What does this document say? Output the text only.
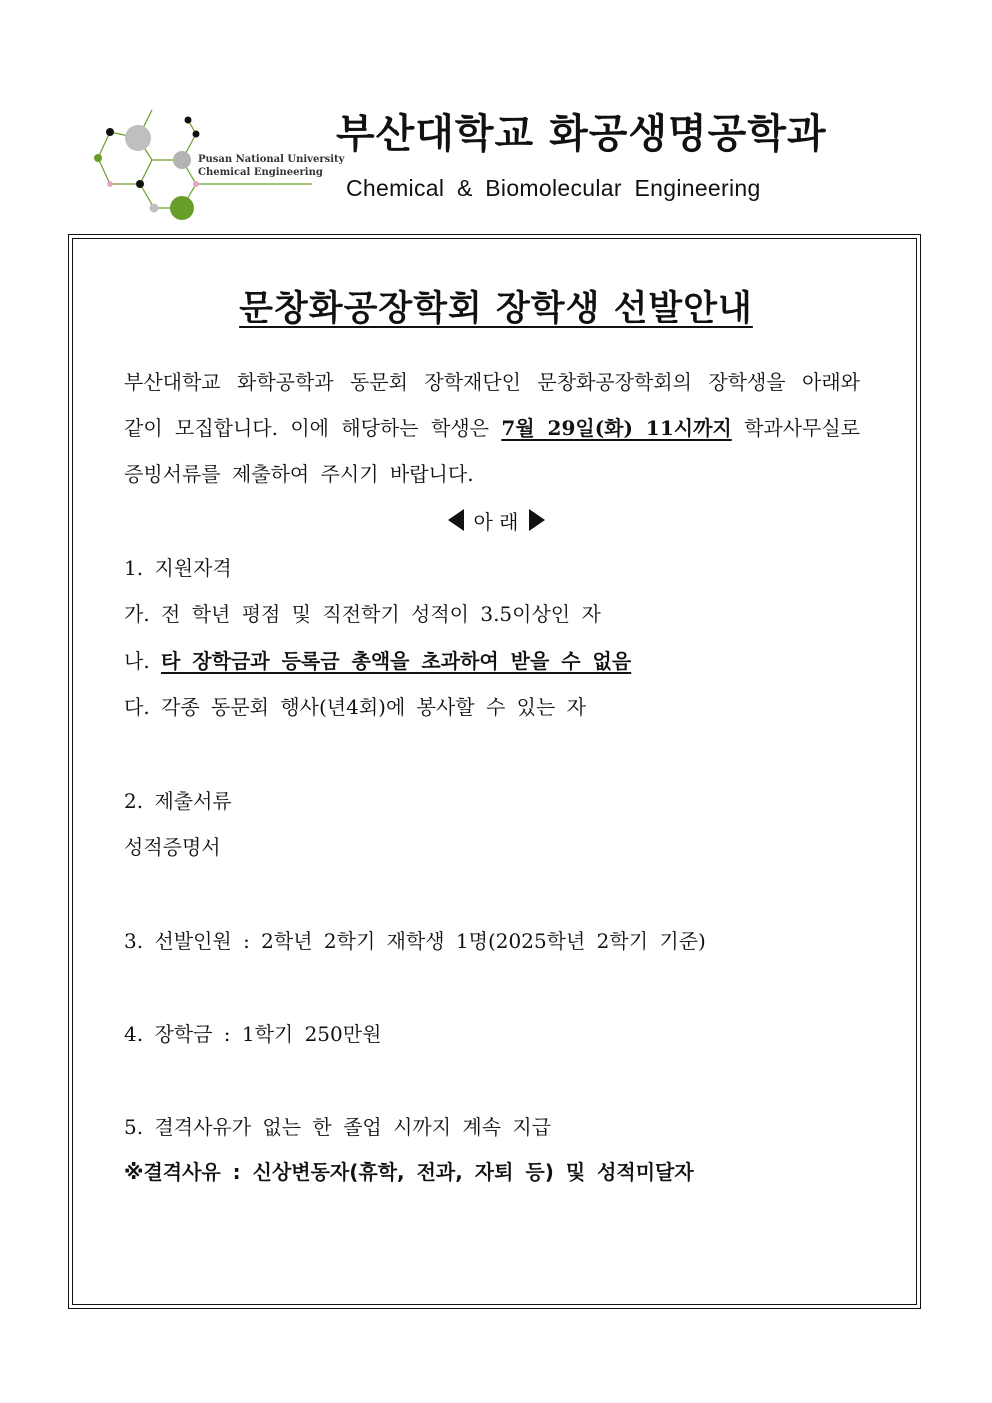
Pusan National University
Chemical Engineering
부산대학교 화공생명공학과
Chemical & Biomolecular Engineering
문창화공장학회 장학생 선발안내
부산대학교 화학공학과 동문회 장학재단인 문창화공장학회의 장학생을 아래와 같이 모집합니다. 이에 해당하는 학생은 7월 29일(화) 11시까지 학과사무실로 증빙서류를 제출하여 주시기 바랍니다.
아 래
1. 지원자격
가. 전 학년 평점 및 직전학기 성적이 3.5이상인 자
나. 타 장학금과 등록금 총액을 초과하여 받을 수 없음
다. 각종 동문회 행사(년4회)에 봉사할 수 있는 자
2. 제출서류
성적증명서
3. 선발인원 : 2학년 2학기 재학생 1명(2025학년 2학기 기준)
4. 장학금 : 1학기 250만원
5. 결격사유가 없는 한 졸업 시까지 계속 지급
※결격사유 : 신상변동자(휴학, 전과, 자퇴 등) 및 성적미달자
